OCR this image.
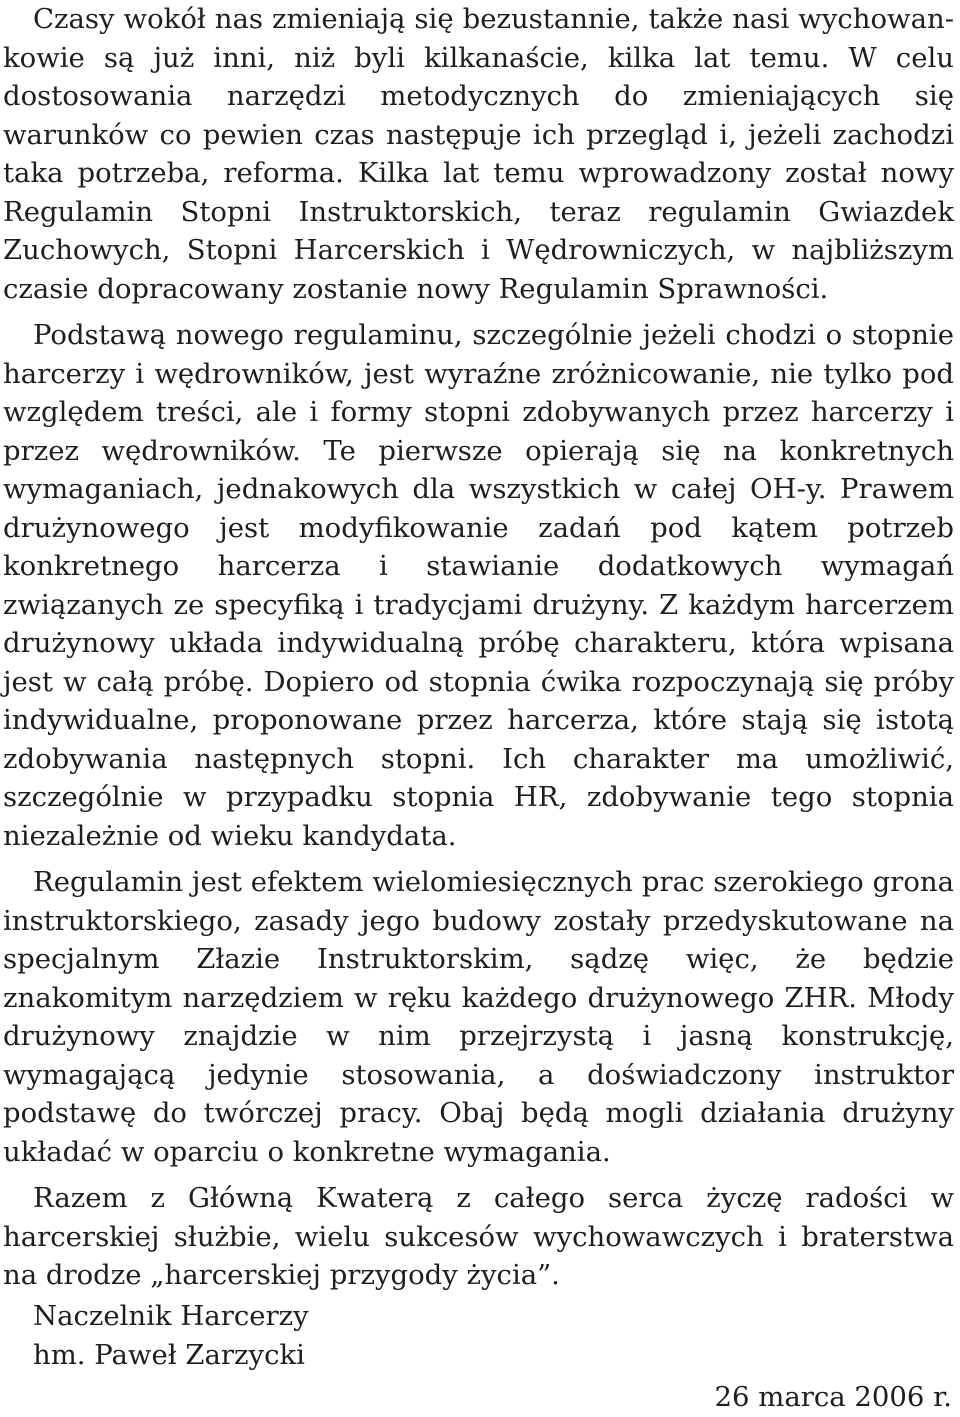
Czasy wokół nas zmieniają się bezustannie, także nasi wychowankowie są już inni, niż byli kilkanaście, kilka lat temu. W celu dostosowania narzędzi metodycznych do zmieniających się warunków co pewien czas następuje ich przegląd i, jeżeli zachodzi taka potrzeba, reforma. Kilka lat temu wprowadzony został nowy Regulamin Stopni Instruktorskich, teraz regulamin Gwiazdek Zuchowych, Stopni Harcerskich i Wędrowniczych, w najbliższym czasie dopracowany zostanie nowy Regulamin Sprawności.

Podstawą nowego regulaminu, szczególnie jeżeli chodzi o stopnie harcerzy i wędrowników, jest wyraźne zróżnicowanie, nie tylko pod względem treści, ale i formy stopni zdobywanych przez harcerzy i przez wędrowników. Te pierwsze opierają się na konkretnych wymaganiach, jednakowych dla wszystkich w całej OH-y. Prawem drużynowego jest modyfikowanie zadań pod kątem potrzeb konkretnego harcerza i stawianie dodatkowych wymagań związanych ze specyfiką i tradycjami drużyny. Z każdym harcerzem drużynowy układa indywidualną próbę charakteru, która wpisana jest w całą próbę. Dopiero od stopnia ćwika rozpoczynają się próby indywidualne, proponowane przez harcerza, które stają się istotą zdobywania następnych stopni. Ich charakter ma umożliwić, szczególnie w przypadku stopnia HR, zdobywanie tego stopnia niezależnie od wieku kandydata.

Regulamin jest efektem wielomiesięcznych prac szerokiego grona instruktorskiego, zasady jego budowy zostały przedyskutowane na specjalnym Złazie Instruktorskim, sądzę więc, że będzie znakomitym narzędziem w ręku każdego drużynowego ZHR. Młody drużynowy znajdzie w nim przejrzystą i jasną konstrukcję, wymagającą jedynie stosowania, a doświadczony instruktor podstawę do twórczej pracy. Obaj będą mogli działania drużyny układać w oparciu o konkretne wymagania.

Razem z Główną Kwaterą z całego serca życzę radości w harcerskiej służbie, wielu sukcesów wychowawczych i braterstwa na drodze „harcerskiej przygody życia”.

Naczelnik Harcerzy
hm. Paweł Zarzycki
26 marca 2006 r.
